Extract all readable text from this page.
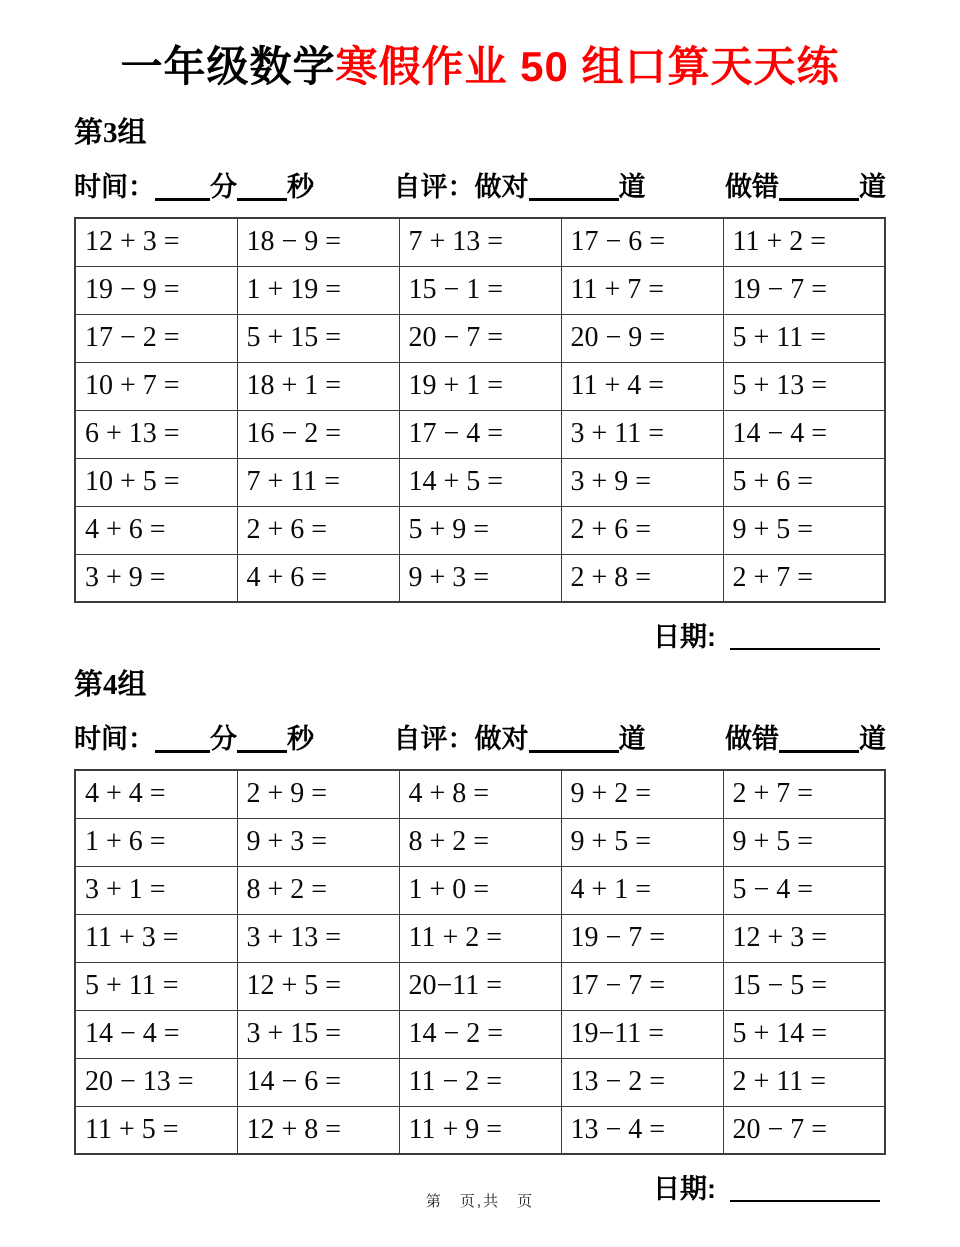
一年级数学寒假作业 50 组口算天天练
第3组
时间： 分 秒	自评：做对	道	做错	道
12 + 3 =	18 − 9 =	7 + 13 =	17 − 6 =	11 + 2 =
19 − 9 =	1 + 19 =	15 − 1 =	11 + 7 =	19 − 7 =
17 − 2 =	5 + 15 =	20 − 7 =	20 − 9 =	5 + 11 =
10 + 7 =	18 + 1 =	19 + 1 =	11 + 4 =	5 + 13 =
6 + 13 =	16 − 2 =	17 − 4 =	3 + 11 =	14 − 4 =
10 + 5 =	7 + 11 =	14 + 5 =	3 + 9 =	5 + 6 =
4 + 6 =	2 + 6 =	5 + 9 =	2 + 6 =	9 + 5 =
3 + 9 =	4 + 6 =	9 + 3 =	2 + 8 =	2 + 7 =
日期:
第4组
时间： 分 秒	自评：做对	道	做错	道
4 + 4 =	2 + 9 =	4 + 8 =	9 + 2 =	2 + 7 =
1 + 6 =	9 + 3 =	8 + 2 =	9 + 5 =	9 + 5 =
3 + 1 =	8 + 2 =	1 + 0 =	4 + 1 =	5 − 4 =
11 + 3 =	3 + 13 =	11 + 2 =	19 − 7 =	12 + 3 =
5 + 11 =	12 + 5 =	20−11 =	17 − 7 =	15 − 5 =
14 − 4 =	3 + 15 =	14 − 2 =	19−11 =	5 + 14 =
20 − 13 =	14 − 6 =	11 − 2 =	13 − 2 =	2 + 11 =
11 + 5 =	12 + 8 =	11 + 9 =	13 − 4 =	20 − 7 =
日期:
第　页,共　页
